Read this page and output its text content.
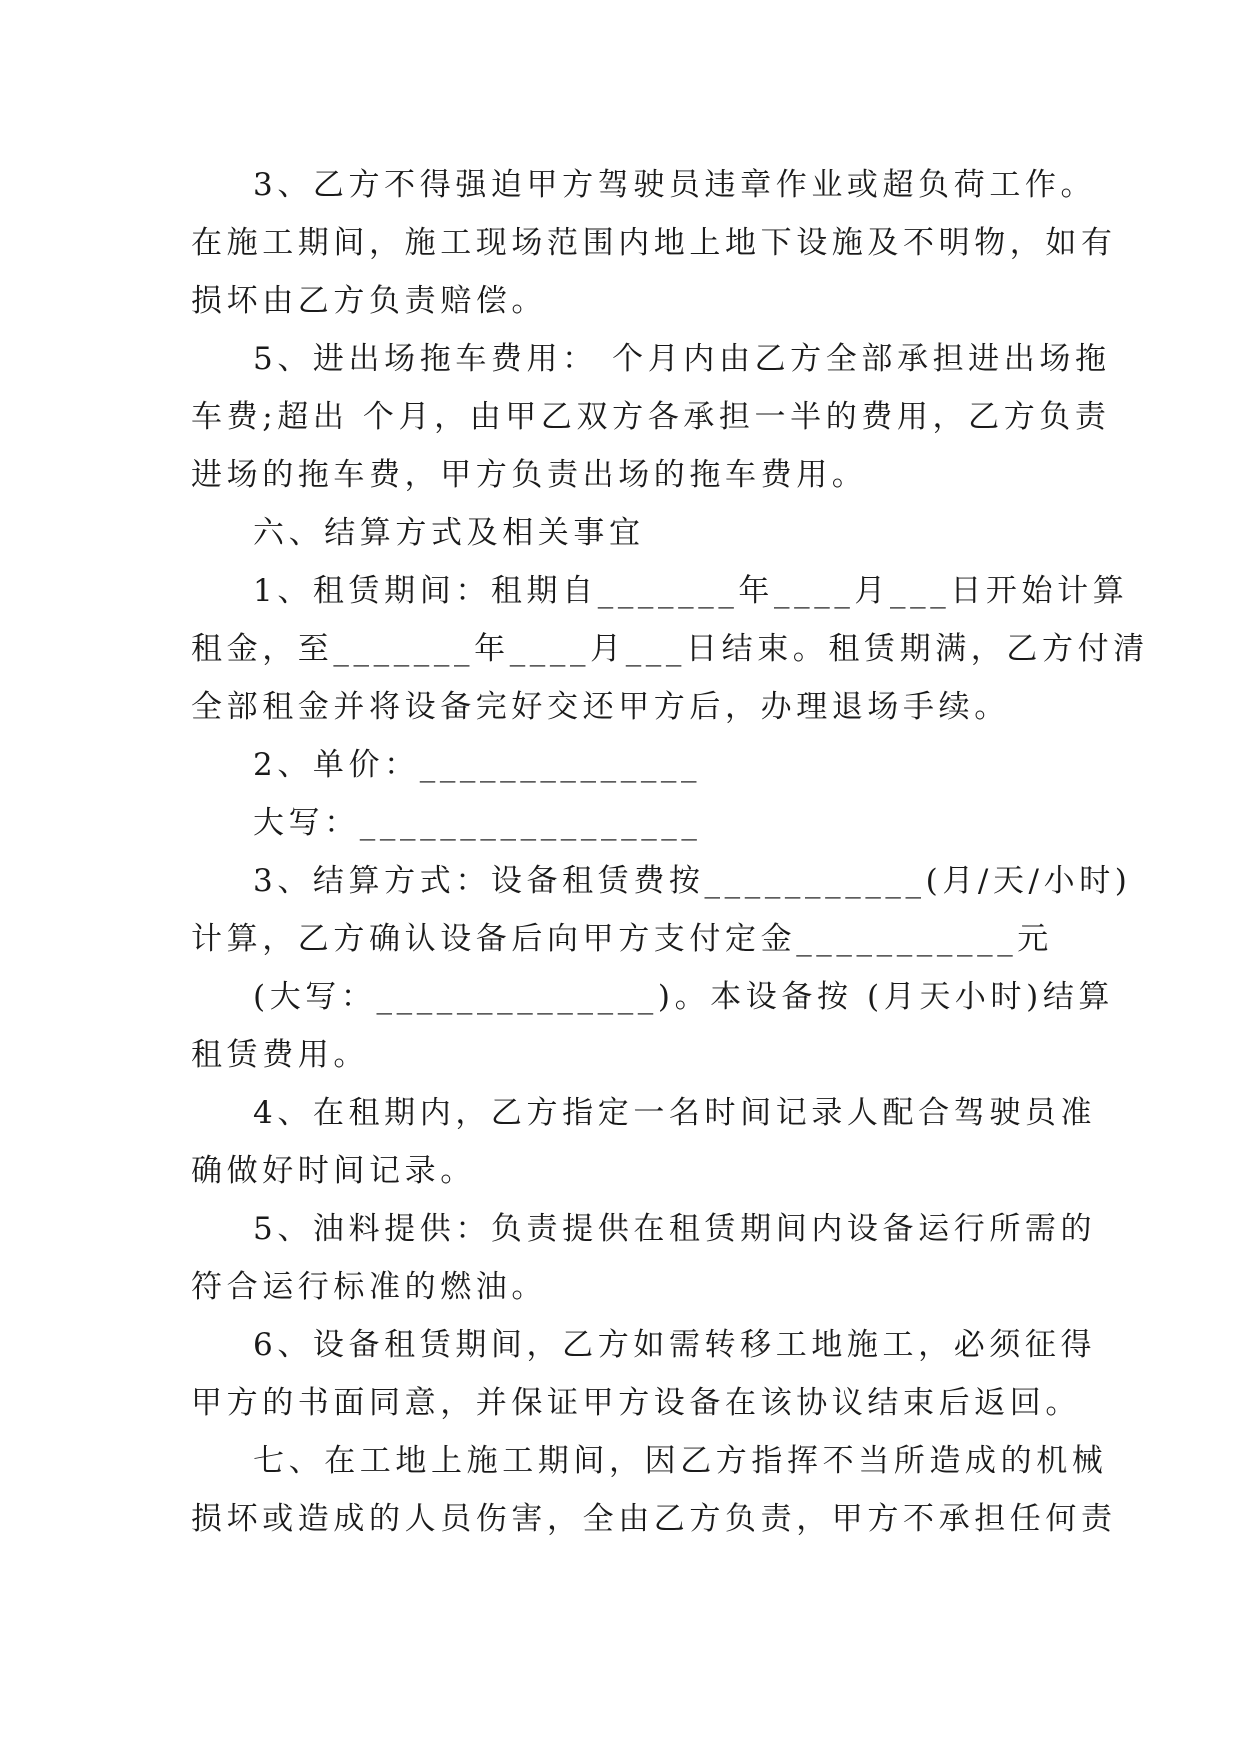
3、乙方不得强迫甲方驾驶员违章作业或超负荷工作。
在施工期间，施工现场范围内地上地下设施及不明物，如有
损坏由乙方负责赔偿。
5、进出场拖车费用： 个月内由乙方全部承担进出场拖
车费;超出 个月，由甲乙双方各承担一半的费用，乙方负责
进场的拖车费，甲方负责出场的拖车费用。
六、结算方式及相关事宜
1、租赁期间：租期自_______年____月___日开始计算
租金，至_______年____月___日结束。租赁期满，乙方付清
全部租金并将设备完好交还甲方后，办理退场手续。
2、单价：______________
大写：_________________
3、结算方式：设备租赁费按___________(月/天/小时)
计算，乙方确认设备后向甲方支付定金___________元
(大写：______________)。本设备按 (月天小时)结算
租赁费用。
4、在租期内，乙方指定一名时间记录人配合驾驶员准
确做好时间记录。
5、油料提供：负责提供在租赁期间内设备运行所需的
符合运行标准的燃油。
6、设备租赁期间，乙方如需转移工地施工，必须征得
甲方的书面同意，并保证甲方设备在该协议结束后返回。
七、在工地上施工期间，因乙方指挥不当所造成的机械
损坏或造成的人员伤害，全由乙方负责，甲方不承担任何责
